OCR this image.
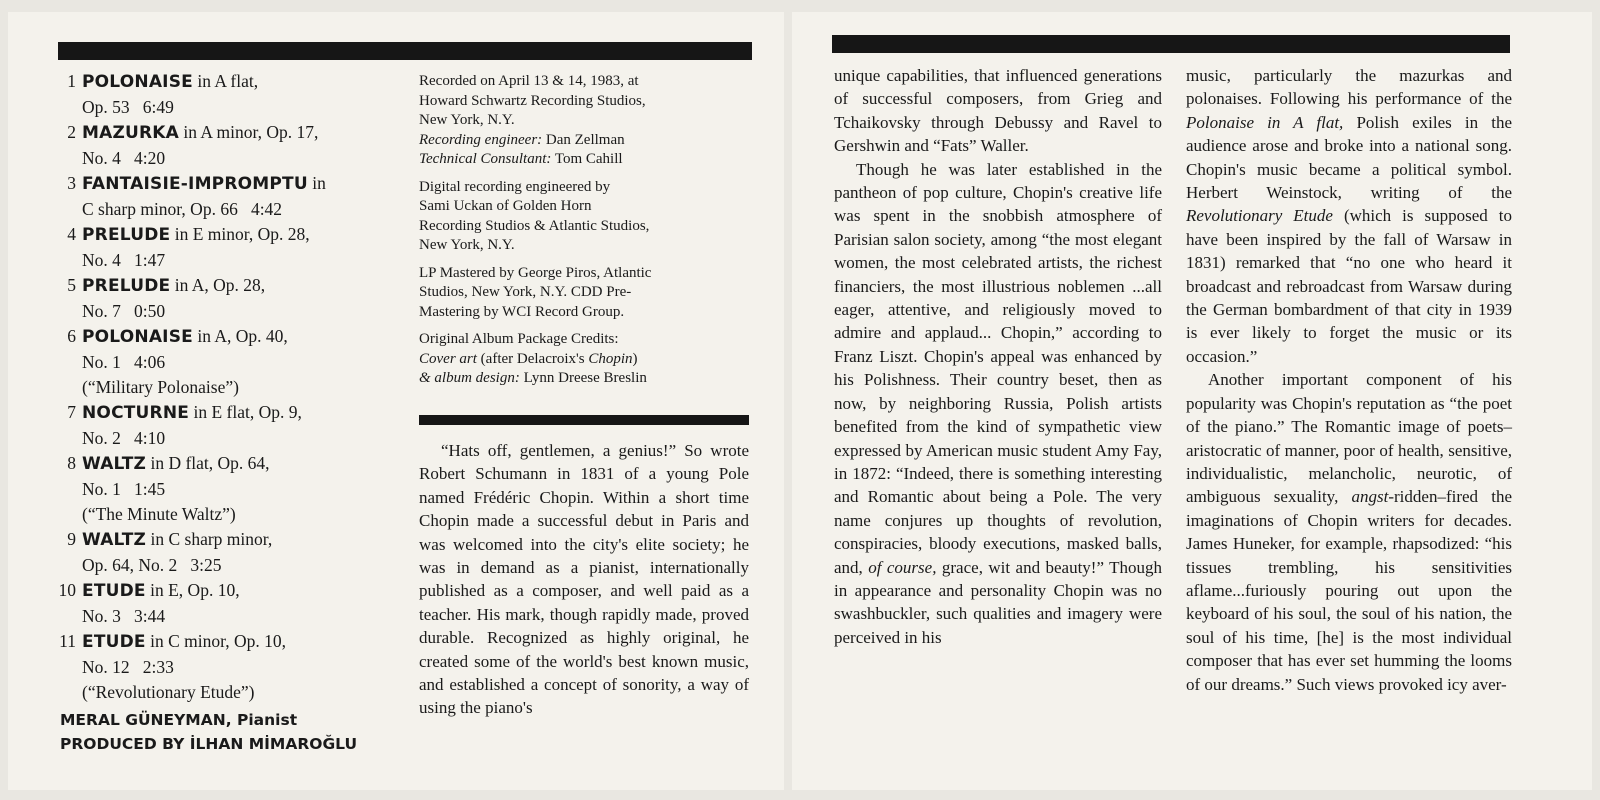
1 POLONAISE in A flat,
Op. 53   6:49
2 MAZURKA in A minor, Op. 17,
No. 4   4:20
3 FANTAISIE-IMPROMPTU in
C sharp minor, Op. 66   4:42
4 PRELUDE in E minor, Op. 28,
No. 4   1:47
5 PRELUDE in A, Op. 28,
No. 7   0:50
6 POLONAISE in A, Op. 40,
No. 1   4:06
(“Military Polonaise”)
7 NOCTURNE in E flat, Op. 9,
No. 2   4:10
8 WALTZ in D flat, Op. 64,
No. 1   1:45
(“The Minute Waltz”)
9 WALTZ in C sharp minor,
Op. 64, No. 2   3:25
10 ETUDE in E, Op. 10,
No. 3   3:44
11 ETUDE in C minor, Op. 10,
No. 12   2:33
(“Revolutionary Etude”)
MERAL GÜNEYMAN, Pianist
PRODUCED BY İLHAN MİMAROĞLU

Recorded on April 13 & 14, 1983, at

Howard Schwartz Recording Studios,

New York, N.Y.

Recording engineer: Dan Zellman

Technical Consultant: Tom Cahill

Digital recording engineered by

Sami Uckan of Golden Horn

Recording Studios & Atlantic Studios,

New York, N.Y.

LP Mastered by George Piros, Atlantic

Studios, New York, N.Y. CDD Pre-

Mastering by WCI Record Group.

Original Album Package Credits:

Cover art (after Delacroix's Chopin)

& album design: Lynn Dreese Breslin

“Hats off, gentlemen, a genius!” So wrote Robert Schumann in 1831 of a young Pole named Frédéric Chopin. Within a short time Chopin made a successful debut in Paris and was welcomed into the city's elite society; he was in demand as a pianist, internationally published as a composer, and well paid as a teacher. His mark, though rapidly made, proved durable. Recognized as highly original, he created some of the world's best known music, and established a concept of sonority, a way of using the piano's

unique capabilities, that influenced generations of successful composers, from Grieg and Tchaikovsky through Debussy and Ravel to Gershwin and “Fats” Waller.

Though he was later established in the pantheon of pop culture, Chopin's creative life was spent in the snobbish atmosphere of Parisian salon society, among “the most elegant women, the most celebrated artists, the richest financiers, the most illustrious noblemen ...all eager, attentive, and religiously moved to admire and applaud... Chopin,” according to Franz Liszt. Chopin's appeal was enhanced by his Polishness. Their country beset, then as now, by neighboring Russia, Polish artists benefited from the kind of sympathetic view expressed by American music student Amy Fay, in 1872: “Indeed, there is something interesting and Romantic about being a Pole. The very name conjures up thoughts of revolution, conspiracies, bloody executions, masked balls, and, of course, grace, wit and beauty!” Though in appearance and personality Chopin was no swashbuckler, such qualities and imagery were perceived in his

music, particularly the mazurkas and polonaises. Following his performance of the Polonaise in A flat, Polish exiles in the audience arose and broke into a national song. Chopin's music became a political symbol. Herbert Weinstock, writing of the Revolutionary Etude (which is supposed to have been inspired by the fall of Warsaw in 1831) remarked that “no one who heard it broadcast and rebroadcast from Warsaw during the German bombardment of that city in 1939 is ever likely to forget the music or its occasion.”

Another important component of his popularity was Chopin's reputation as “the poet of the piano.” The Romantic image of poets–aristocratic of manner, poor of health, sensitive, individualistic, melancholic, neurotic, of ambiguous sexuality, angst-ridden–fired the imaginations of Chopin writers for decades. James Huneker, for example, rhapsodized: “his tissues trembling, his sensitivities aflame...furiously pouring out upon the keyboard of his soul, the soul of his nation, the soul of his time, [he] is the most individual composer that has ever set humming the looms of our dreams.” Such views provoked icy aver-
